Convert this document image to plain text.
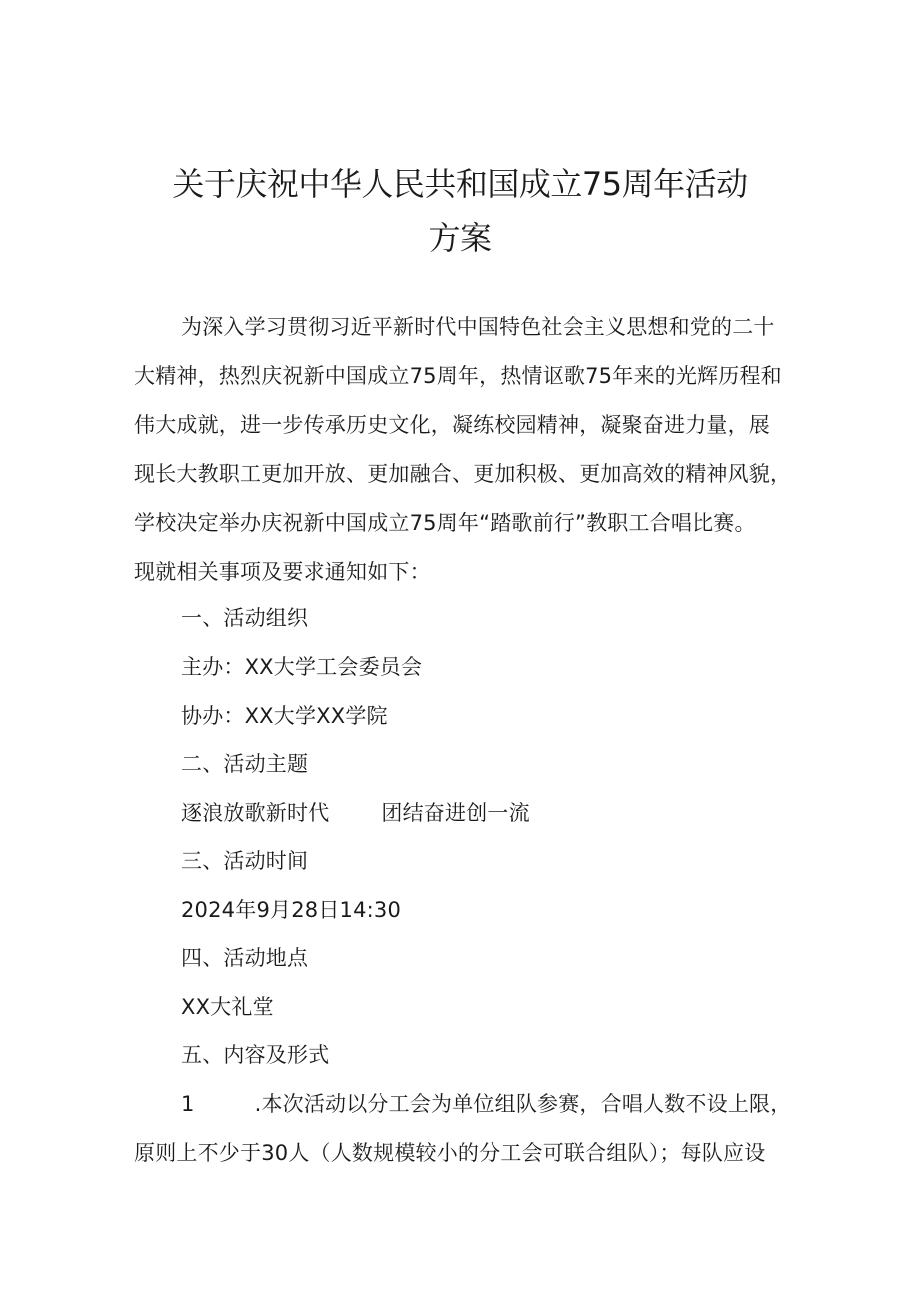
关于庆祝中华人民共和国成立75周年活动
方案

为深入学习贯彻习近平新时代中国特色社会主义思想和党的二十

大精神，热烈庆祝新中国成立75周年，热情讴歌75年来的光辉历程和

伟大成就，进一步传承历史文化，凝练校园精神，凝聚奋进力量，展

现长大教职工更加开放、更加融合、更加积极、更加高效的精神风貌，

学校决定举办庆祝新中国成立75周年“踏歌前行”教职工合唱比赛。

现就相关事项及要求通知如下：

一、活动组织

主办：XX大学工会委员会

协办：XX大学XX学院

二、活动主题

逐浪放歌新时代 团结奋进创一流

三、活动时间

2024年9月28日14:30

四、活动地点

XX大礼堂

五、内容及形式

1	.本次活动以分工会为单位组队参赛，合唱人数不设上限，

原则上不少于30人（人数规模较小的分工会可联合组队）；每队应设
